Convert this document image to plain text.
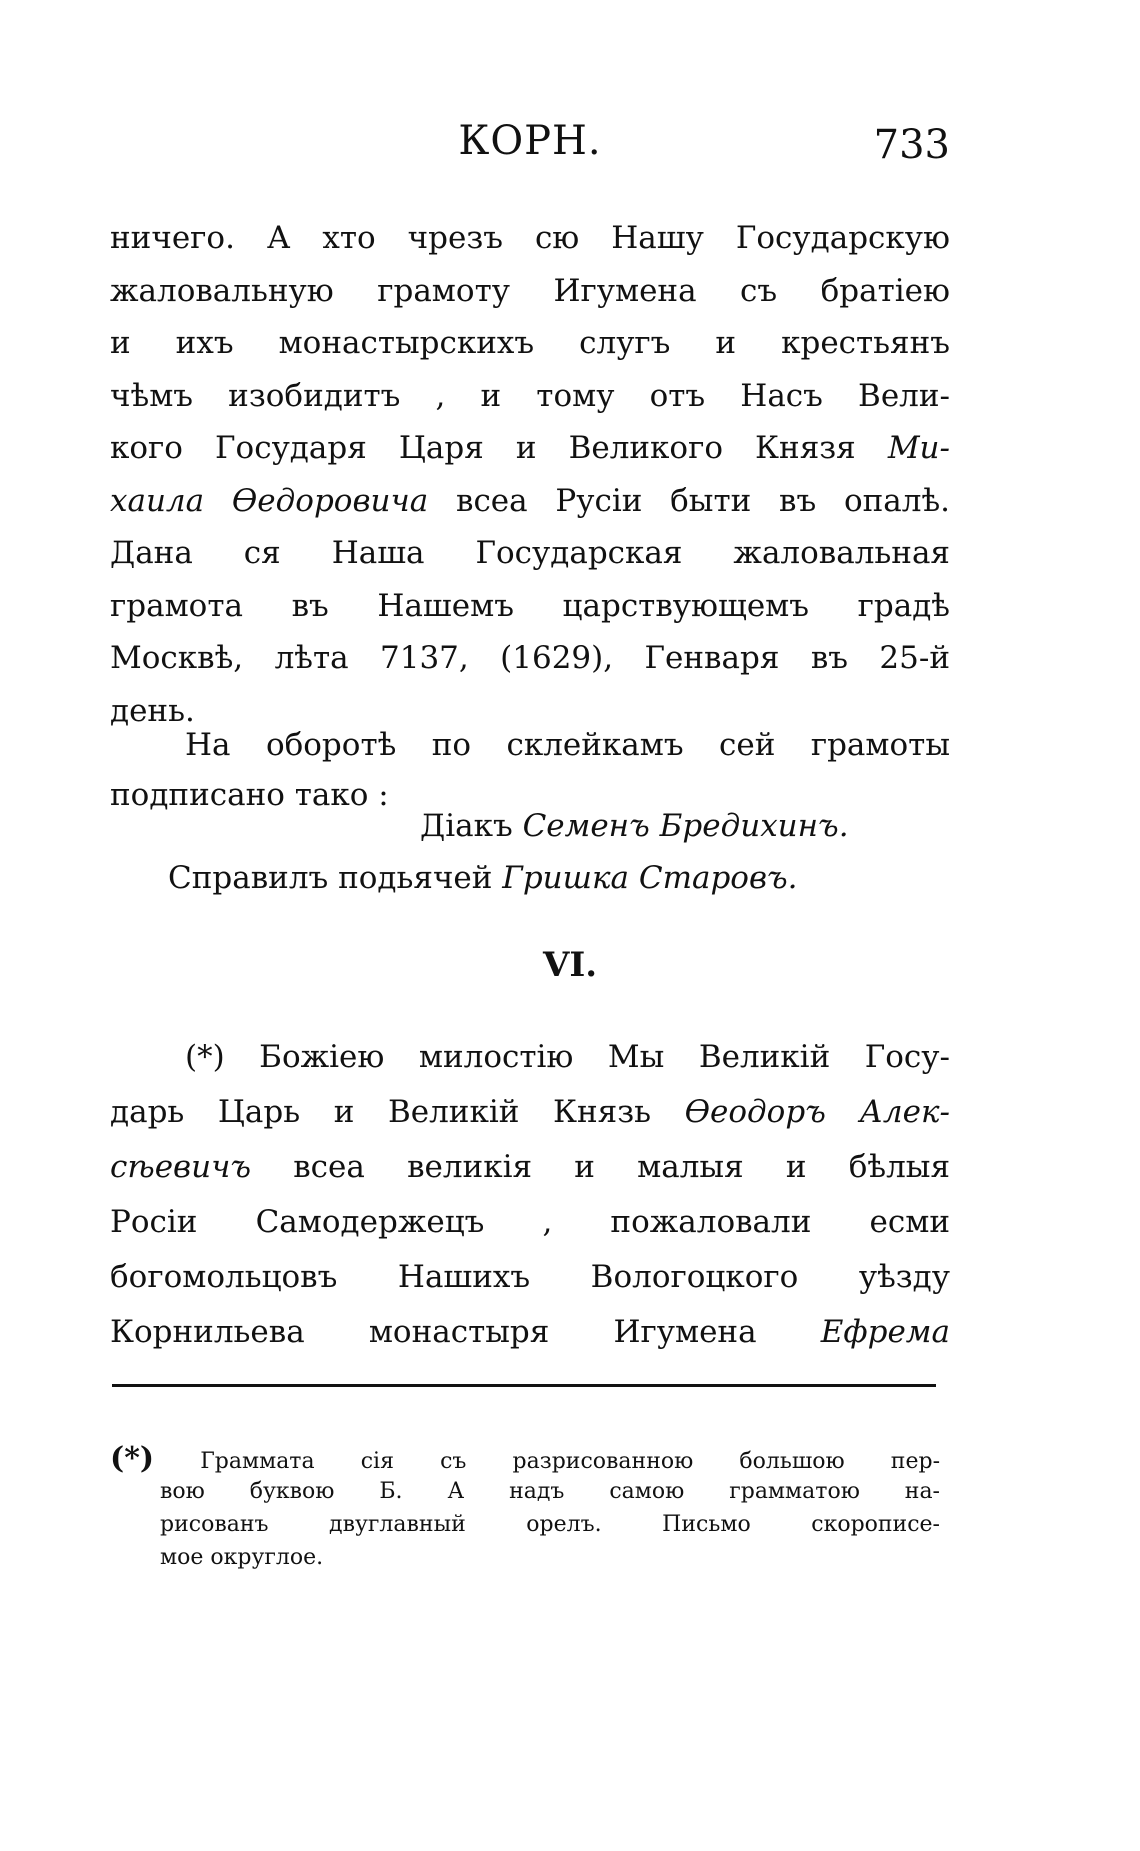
КОРН.	733
ничего. А хто чрезъ сю Нашу Государскую
жаловальную грамоту Игумена съ братiею
и ихъ монастырскихъ слугъ и крестьянъ
чѣмъ изобидитъ , и тому отъ Насъ Вели-
кого Государя Царя и Великого Князя Ми-
хаила Өедоровича всеа Русiи быти въ опалѣ.
Дана ся Наша Государская жаловальная
грамота въ Нашемъ царствующемъ градѣ
Москвѣ, лѣта 7137, (1629), Генваря въ 25-й
день.
На оборотѣ по склейкамъ сей грамоты
подписано тако :
Дiакъ Семенъ Бредихинъ.
Справилъ подьячей Гришка Старовъ.
VI.
(*) Божiею милостiю Мы Великiй Госу-
дарь Царь и Великiй Князь Өеодоръ Алек-
сѣевичъ всеа великiя и малыя и бѣлыя
Росiи Самодержецъ , пожаловали есми
богомольцовъ Нашихъ Вологоцкого уѣзду
Корнильева монастыря Игумена Ефрема
(*) Граммата сiя съ разрисованною большою пер-
вою буквою Б. А надъ самою грамматою на-
рисованъ двуглавный орелъ. Письмо скорописе-
мое округлое.
